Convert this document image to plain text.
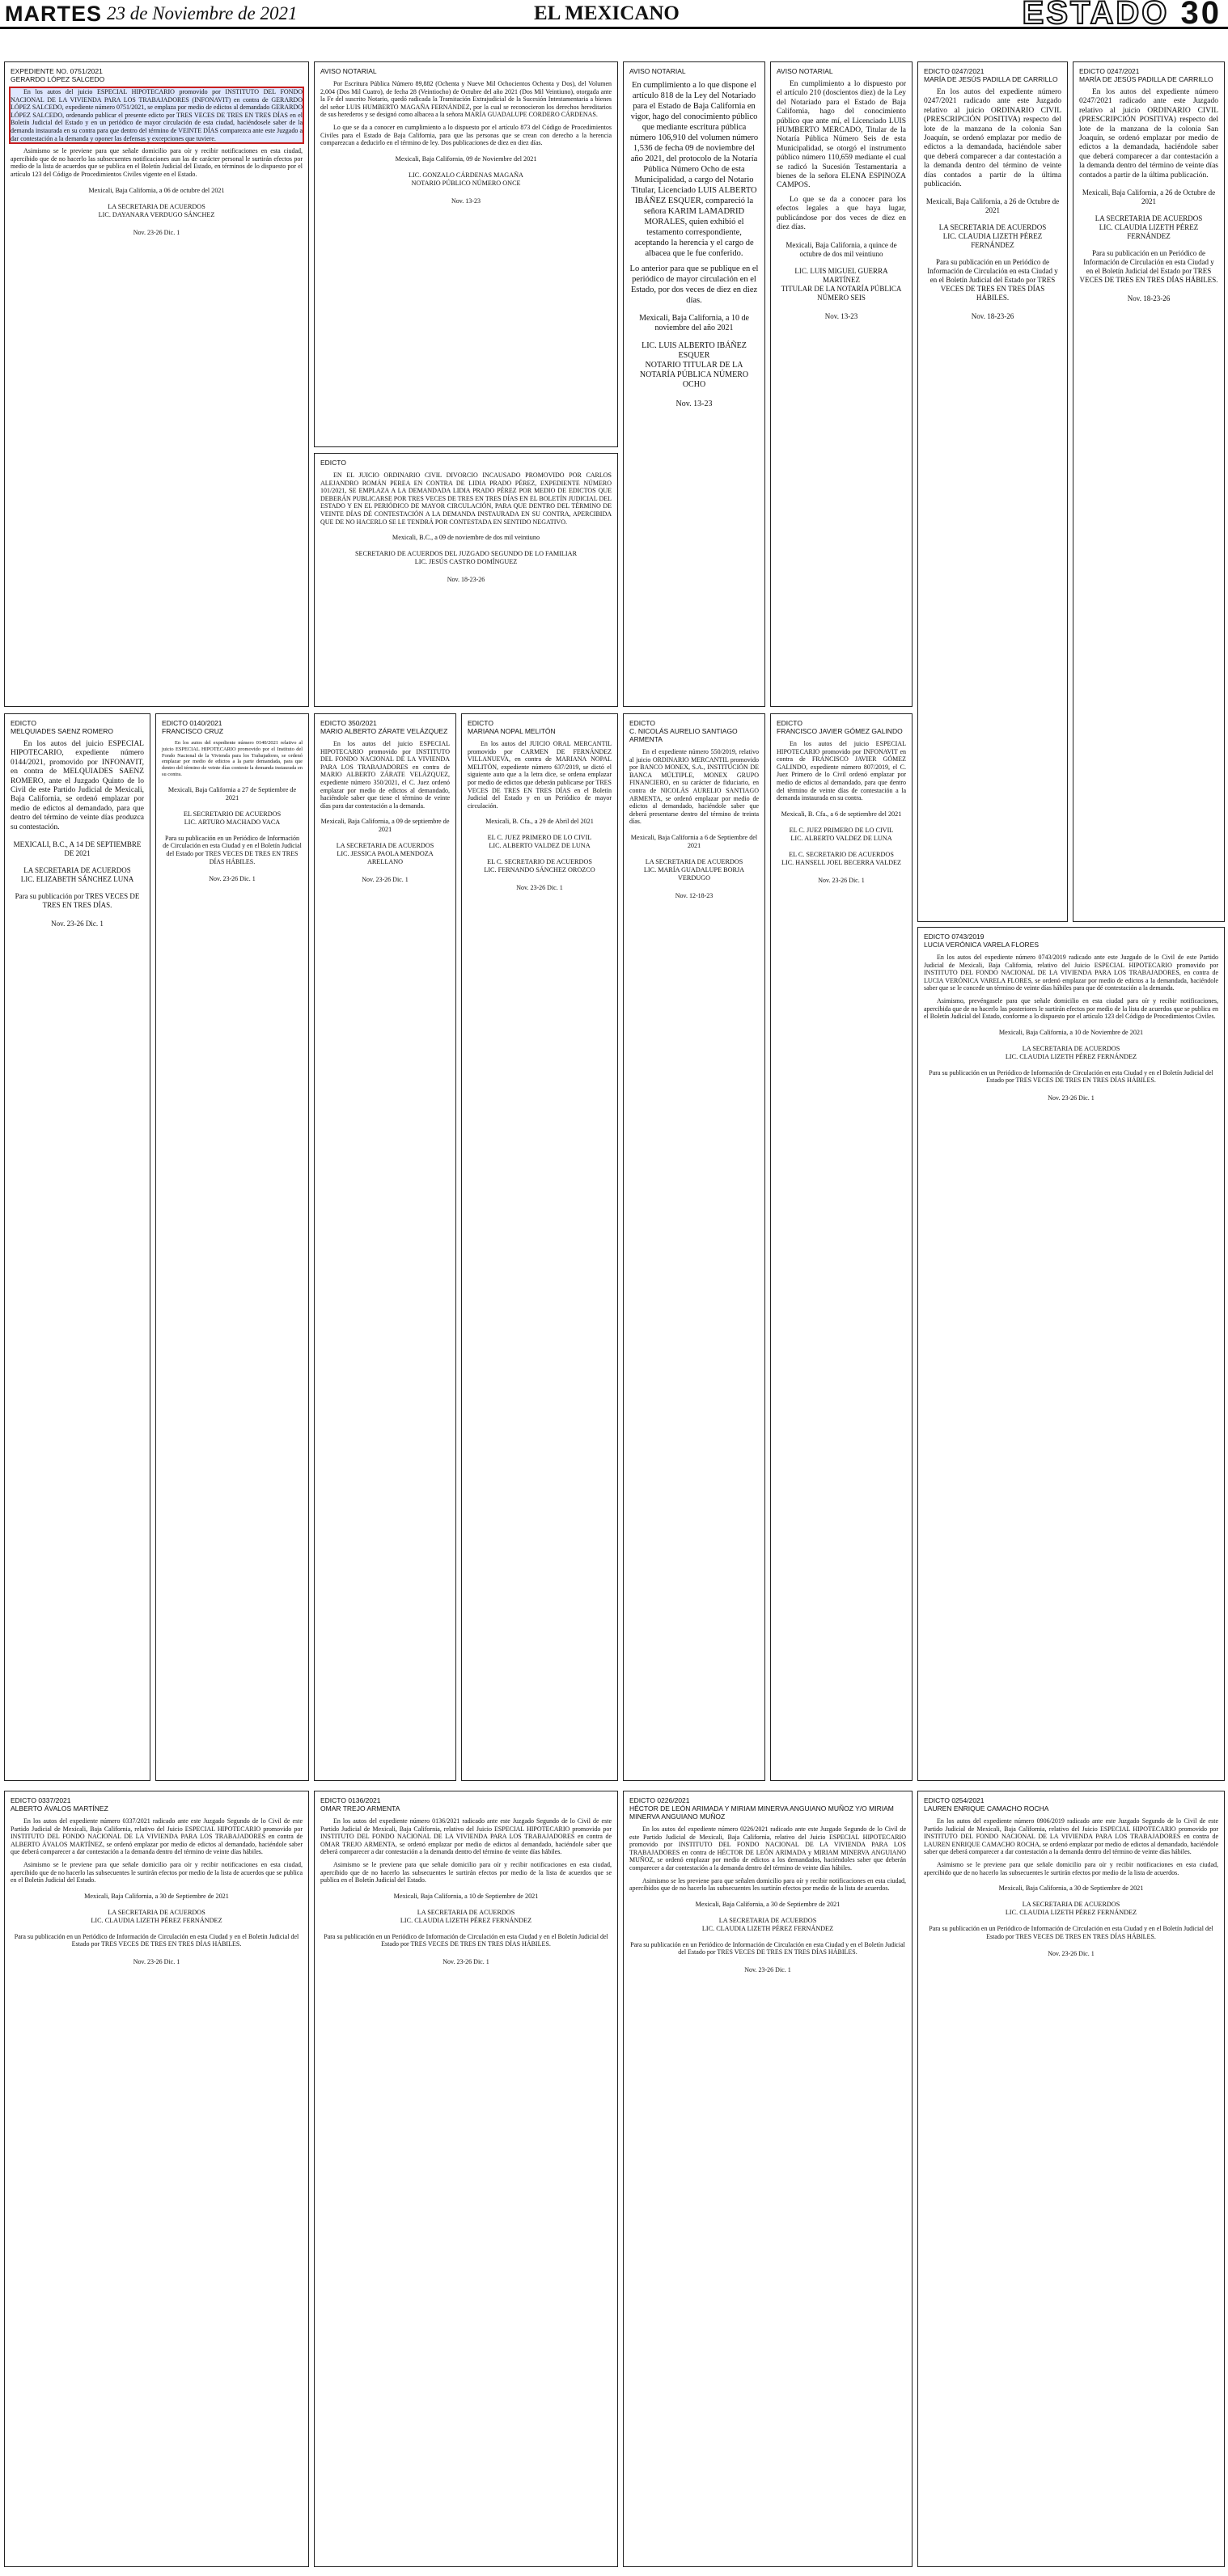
MARTES 23 de Noviembre de 2021	EL MEXICANO	ESTADO 30
EXPEDIENTE NO. 0751/2021
GERARDO LÓPEZ SALCEDO

En los autos del juicio ESPECIAL HIPOTECARIO promovido por INSTITUTO DEL FONDO NACIONAL DE LA VIVIENDA PARA LOS TRABAJADORES (INFONAVIT) en contra de GERARDO LÓPEZ SALCEDO, expediente número 0751/2021, se emplaza por medio de edictos al demandado GERARDO LÓPEZ SALCEDO, ordenando publicar el presente edicto por TRES VECES DE TRES EN TRES DÍAS en el Boletín Judicial del Estado y en un periódico de mayor circulación de esta ciudad, haciéndosele saber de la demanda instaurada en su contra para que dentro del término de VEINTE DÍAS comparezca ante este Juzgado a dar contestación a la demanda y oponer las defensas y excepciones que tuviere.

Asimismo se le previene para que señale domicilio para oír y recibir notificaciones en esta ciudad, apercibido que de no hacerlo las subsecuentes notificaciones aun las de carácter personal le surtirán efectos por medio de la lista de acuerdos que se publica en el Boletín Judicial del Estado, en términos de lo dispuesto por el artículo 123 del Código de Procedimientos Civiles vigente en el Estado.

Mexicali, Baja California, a 06 de octubre del 2021
LA SECRETARIA DE ACUERDOS
LIC. DAYANARA VERDUGO SÁNCHEZ
Nov. 23-26 Dic. 1
AVISO NOTARIAL

Por Escritura Pública Número 89,882 (Ochenta y Nueve Mil Ochocientos Ochenta y Dos), del Volumen 2,004 (Dos Mil Cuatro), de fecha 28 (Veintiocho) de Octubre del año 2021 (Dos Mil Veintiuno), otorgada ante la Fe del suscrito Notario, quedó radicada la Tramitación Extrajudicial de la Sucesión Intestamentaria a bienes del señor LUIS HUMBERTO MAGAÑA FERNÁNDEZ, por la cual se reconocieron los derechos hereditarios de sus herederos y se designó como albacea a la señora MARÍA GUADALUPE CORDERO CÁRDENAS.

Lo que se da a conocer en cumplimiento a lo dispuesto por el artículo 873 del Código de Procedimientos Civiles para el Estado de Baja California, para que las personas que se crean con derecho a la herencia comparezcan a deducirlo en el término de ley. Dos publicaciones de diez en diez días.

Mexicali, Baja California, 09 de Noviembre del 2021
LIC. GONZALO CÁRDENAS MAGAÑA
NOTARIO PÚBLICO NÚMERO ONCE
Nov. 13-23
EDICTO

EN EL JUICIO ORDINARIO CIVIL DIVORCIO INCAUSADO PROMOVIDO POR CARLOS ALEJANDRO ROMÁN PEREA EN CONTRA DE LIDIA PRADO PÉREZ, EXPEDIENTE NÚMERO 101/2021, SE EMPLAZA A LA DEMANDADA LIDIA PRADO PÉREZ POR MEDIO DE EDICTOS QUE DEBERÁN PUBLICARSE POR TRES VECES DE TRES EN TRES DÍAS EN EL BOLETÍN JUDICIAL DEL ESTADO Y EN EL PERIÓDICO DE MAYOR CIRCULACIÓN, PARA QUE DENTRO DEL TÉRMINO DE VEINTE DÍAS DÉ CONTESTACIÓN A LA DEMANDA INSTAURADA EN SU CONTRA, APERCIBIDA QUE DE NO HACERLO SE LE TENDRÁ POR CONTESTADA EN SENTIDO NEGATIVO.

Mexicali, B.C., a 09 de noviembre de dos mil veintiuno
SECRETARIO DE ACUERDOS DEL JUZGADO SEGUNDO DE LO FAMILIAR
LIC. JESÚS CASTRO DOMÍNGUEZ
Nov. 18-23-26
AVISO NOTARIAL

En cumplimiento a lo que dispone el artículo 818 de la Ley del Notariado para el Estado de Baja California en vigor, hago del conocimiento público que mediante escritura pública número 106,910 del volumen número 1,536 de fecha 09 de noviembre del año 2021, del protocolo de la Notaría Pública Número Ocho de esta Municipalidad, a cargo del Notario Titular, Licenciado LUIS ALBERTO IBÁÑEZ ESQUER, compareció la señora KARIM LAMADRID MORALES, quien exhibió el testamento correspondiente, aceptando la herencia y el cargo de albacea que le fue conferido.

Lo anterior para que se publique en el periódico de mayor circulación en el Estado, por dos veces de diez en diez días.

Mexicali, Baja California, a 10 de noviembre del año 2021
LIC. LUIS ALBERTO IBÁÑEZ ESQUER
NOTARIO TITULAR DE LA NOTARÍA PÚBLICA NÚMERO OCHO
Nov. 13-23
AVISO NOTARIAL

En cumplimiento a lo dispuesto por el artículo 210 (doscientos diez) de la Ley del Notariado para el Estado de Baja California, hago del conocimiento público que ante mí, el Licenciado LUIS HUMBERTO MERCADO, Titular de la Notaría Pública Número Seis de esta Municipalidad, se otorgó el instrumento público número 110,659 mediante el cual se radicó la Sucesión Testamentaria a bienes de la señora ELENA ESPINOZA CAMPOS.

Lo que se da a conocer para los efectos legales a que haya lugar, publicándose por dos veces de diez en diez días.

Mexicali, Baja California, a quince de octubre de dos mil veintiuno
LIC. LUIS MIGUEL GUERRA MARTÍNEZ
TITULAR DE LA NOTARÍA PÚBLICA NÚMERO SEIS
Nov. 13-23
EDICTO 0247/2021
MARÍA DE JESÚS PADILLA DE CARRILLO

En los autos del expediente número 0247/2021 radicado ante este Juzgado relativo al juicio ORDINARIO CIVIL (PRESCRIPCIÓN POSITIVA) respecto del lote de la manzana de la colonia San Joaquín, se ordenó emplazar por medio de edictos a la demandada, haciéndole saber que deberá comparecer a dar contestación a la demanda dentro del término de veinte días contados a partir de la última publicación.

Mexicali, Baja California, a 26 de Octubre de 2021
LA SECRETARIA DE ACUERDOS
LIC. CLAUDIA LIZETH PÉREZ FERNÁNDEZ
Para su publicación en un Periódico de Información de Circulación en esta Ciudad y en el Boletín Judicial del Estado por TRES VECES DE TRES EN TRES DÍAS HÁBILES.
Nov. 18-23-26
EDICTO 0247/2021
MARÍA DE JESÚS PADILLA DE CARRILLO

En los autos del expediente número 0247/2021 radicado ante este Juzgado relativo al juicio ORDINARIO CIVIL (PRESCRIPCIÓN POSITIVA) respecto del lote de la manzana de la colonia San Joaquín, se ordenó emplazar por medio de edictos a la demandada, haciéndole saber que deberá comparecer a dar contestación a la demanda dentro del término de veinte días contados a partir de la última publicación.

Mexicali, Baja California, a 26 de Octubre de 2021
LA SECRETARIA DE ACUERDOS
LIC. CLAUDIA LIZETH PÉREZ FERNÁNDEZ
Para su publicación en un Periódico de Información de Circulación en esta Ciudad y en el Boletín Judicial del Estado por TRES VECES DE TRES EN TRES DÍAS HÁBILES.
Nov. 18-23-26
EDICTO
MELQUIADES SAENZ ROMERO

En los autos del juicio ESPECIAL HIPOTECARIO, expediente número 0144/2021, promovido por INFONAVIT, en contra de MELQUIADES SAENZ ROMERO, ante el Juzgado Quinto de lo Civil de este Partido Judicial de Mexicali, Baja California, se ordenó emplazar por medio de edictos al demandado, para que dentro del término de veinte días produzca su contestación.

MEXICALI, B.C., A 14 DE SEPTIEMBRE DE 2021
LA SECRETARIA DE ACUERDOS
LIC. ELIZABETH SÁNCHEZ LUNA
Para su publicación por TRES VECES DE TRES EN TRES DÍAS.
Nov. 23-26 Dic. 1
EDICTO 0140/2021
FRANCISCO CRUZ

En los autos del expediente número 0140/2021 relativo al juicio ESPECIAL HIPOTECARIO promovido por el Instituto del Fondo Nacional de la Vivienda para los Trabajadores, se ordenó emplazar por medio de edictos a la parte demandada, para que dentro del término de veinte días conteste la demanda instaurada en su contra.

Mexicali, Baja California a 27 de Septiembre de 2021
EL SECRETARIO DE ACUERDOS
LIC. ARTURO MACHADO VACA
Para su publicación en un Periódico de Información de Circulación en esta Ciudad y en el Boletín Judicial del Estado por TRES VECES DE TRES EN TRES DÍAS HÁBILES.
Nov. 23-26 Dic. 1
EDICTO 350/2021
MARIO ALBERTO ZÁRATE VELÁZQUEZ

En los autos del juicio ESPECIAL HIPOTECARIO promovido por INSTITUTO DEL FONDO NACIONAL DE LA VIVIENDA PARA LOS TRABAJADORES en contra de MARIO ALBERTO ZÁRATE VELÁZQUEZ, expediente número 350/2021, el C. Juez ordenó emplazar por medio de edictos al demandado, haciéndole saber que tiene el término de veinte días para dar contestación a la demanda.

Mexicali, Baja California, a 09 de septiembre de 2021
LA SECRETARIA DE ACUERDOS
LIC. JESSICA PAOLA MENDOZA ARELLANO
Nov. 23-26 Dic. 1
EDICTO
MARIANA NOPAL MELITÓN

En los autos del JUICIO ORAL MERCANTIL promovido por CARMEN DE FERNÁNDEZ VILLANUEVA, en contra de MARIANA NOPAL MELITÓN, expediente número 637/2019, se dictó el siguiente auto que a la letra dice, se ordena emplazar por medio de edictos que deberán publicarse por TRES VECES DE TRES EN TRES DÍAS en el Boletín Judicial del Estado y en un Periódico de mayor circulación.

Mexicali, B. Cfa., a 29 de Abril del 2021
EL C. JUEZ PRIMERO DE LO CIVIL
LIC. ALBERTO VALDEZ DE LUNA

EL C. SECRETARIO DE ACUERDOS
LIC. FERNANDO SÁNCHEZ OROZCO
Nov. 23-26 Dic. 1
EDICTO
C. NICOLÁS AURELIO SANTIAGO ARMENTA

En el expediente número 550/2019, relativo al juicio ORDINARIO MERCANTIL promovido por BANCO MONEX, S.A., INSTITUCIÓN DE BANCA MÚLTIPLE, MONEX GRUPO FINANCIERO, en su carácter de fiduciario, en contra de NICOLÁS AURELIO SANTIAGO ARMENTA, se ordenó emplazar por medio de edictos al demandado, haciéndole saber que deberá presentarse dentro del término de treinta días.

Mexicali, Baja California a 6 de Septiembre del 2021
LA SECRETARIA DE ACUERDOS
LIC. MARÍA GUADALUPE BORJA VERDUGO
Nov. 12-18-23
EDICTO
FRANCISCO JAVIER GÓMEZ GALINDO

En los autos del juicio ESPECIAL HIPOTECARIO promovido por INFONAVIT en contra de FRANCISCO JAVIER GÓMEZ GALINDO, expediente número 807/2019, el C. Juez Primero de lo Civil ordenó emplazar por medio de edictos al demandado, para que dentro del término de veinte días de contestación a la demanda instaurada en su contra.

Mexicali, B. Cfa., a 6 de septiembre del 2021
EL C. JUEZ PRIMERO DE LO CIVIL
LIC. ALBERTO VALDEZ DE LUNA

EL C. SECRETARIO DE ACUERDOS
LIC. HANSELL JOEL BECERRA VALDEZ
Nov. 23-26 Dic. 1
EDICTO 0743/2019
LUCIA VERÓNICA VARELA FLORES

En los autos del expediente número 0743/2019 radicado ante este Juzgado de lo Civil de este Partido Judicial de Mexicali, Baja California, relativo del Juicio ESPECIAL HIPOTECARIO promovido por INSTITUTO DEL FONDO NACIONAL DE LA VIVIENDA PARA LOS TRABAJADORES, en contra de LUCIA VERÓNICA VARELA FLORES, se ordenó emplazar por medio de edictos a la demandada, haciéndole saber que se le concede un término de veinte días hábiles para que dé contestación a la demanda.

Asimismo, prevéngasele para que señale domicilio en esta ciudad para oír y recibir notificaciones, apercibida que de no hacerlo las posteriores le surtirán efectos por medio de la lista de acuerdos que se publica en el Boletín Judicial del Estado, conforme a lo dispuesto por el artículo 123 del Código de Procedimientos Civiles.

Mexicali, Baja California, a 10 de Noviembre de 2021
LA SECRETARIA DE ACUERDOS
LIC. CLAUDIA LIZETH PÉREZ FERNÁNDEZ
Para su publicación en un Periódico de Información de Circulación en esta Ciudad y en el Boletín Judicial del Estado por TRES VECES DE TRES EN TRES DÍAS HÁBILES.
Nov. 23-26 Dic. 1
EDICTO 0337/2021
ALBERTO ÁVALOS MARTÍNEZ

En los autos del expediente número 0337/2021 radicado ante este Juzgado Segundo de lo Civil de este Partido Judicial de Mexicali, Baja California, relativo del Juicio ESPECIAL HIPOTECARIO promovido por INSTITUTO DEL FONDO NACIONAL DE LA VIVIENDA PARA LOS TRABAJADORES en contra de ALBERTO ÁVALOS MARTÍNEZ, se ordenó emplazar por medio de edictos al demandado, haciéndole saber que deberá comparecer a dar contestación a la demanda dentro del término de veinte días hábiles.

Asimismo se le previene para que señale domicilio para oír y recibir notificaciones en esta ciudad, apercibido que de no hacerlo las subsecuentes le surtirán efectos por medio de la lista de acuerdos que se publica en el Boletín Judicial del Estado.

Mexicali, Baja California, a 30 de Septiembre de 2021
LA SECRETARIA DE ACUERDOS
LIC. CLAUDIA LIZETH PÉREZ FERNÁNDEZ
Para su publicación en un Periódico de Información de Circulación en esta Ciudad y en el Boletín Judicial del Estado por TRES VECES DE TRES EN TRES DÍAS HÁBILES.
Nov. 23-26 Dic. 1
EDICTO 0136/2021
OMAR TREJO ARMENTA

En los autos del expediente número 0136/2021 radicado ante este Juzgado Segundo de lo Civil de este Partido Judicial de Mexicali, Baja California, relativo del Juicio ESPECIAL HIPOTECARIO promovido por INSTITUTO DEL FONDO NACIONAL DE LA VIVIENDA PARA LOS TRABAJADORES en contra de OMAR TREJO ARMENTA, se ordenó emplazar por medio de edictos al demandado, haciéndole saber que deberá comparecer a dar contestación a la demanda dentro del término de veinte días hábiles.

Asimismo se le previene para que señale domicilio para oír y recibir notificaciones en esta ciudad, apercibido que de no hacerlo las subsecuentes le surtirán efectos por medio de la lista de acuerdos que se publica en el Boletín Judicial del Estado.

Mexicali, Baja California, a 10 de Septiembre de 2021
LA SECRETARIA DE ACUERDOS
LIC. CLAUDIA LIZETH PÉREZ FERNÁNDEZ
Para su publicación en un Periódico de Información de Circulación en esta Ciudad y en el Boletín Judicial del Estado por TRES VECES DE TRES EN TRES DÍAS HÁBILES.
Nov. 23-26 Dic. 1
EDICTO 0226/2021
HÉCTOR DE LEÓN ARIMADA Y MIRIAM MINERVA ANGUIANO MUÑOZ Y/O MIRIAM MINERVA ANGUIANO MUÑOZ

En los autos del expediente número 0226/2021 radicado ante este Juzgado Segundo de lo Civil de este Partido Judicial de Mexicali, Baja California, relativo del Juicio ESPECIAL HIPOTECARIO promovido por INSTITUTO DEL FONDO NACIONAL DE LA VIVIENDA PARA LOS TRABAJADORES en contra de HÉCTOR DE LEÓN ARIMADA y MIRIAM MINERVA ANGUIANO MUÑOZ, se ordenó emplazar por medio de edictos a los demandados, haciéndoles saber que deberán comparecer a dar contestación a la demanda dentro del término de veinte días hábiles.

Asimismo se les previene para que señalen domicilio para oír y recibir notificaciones en esta ciudad, apercibidos que de no hacerlo las subsecuentes les surtirán efectos por medio de la lista de acuerdos.

Mexicali, Baja California, a 30 de Septiembre de 2021
LA SECRETARIA DE ACUERDOS
LIC. CLAUDIA LIZETH PÉREZ FERNÁNDEZ
Para su publicación en un Periódico de Información de Circulación en esta Ciudad y en el Boletín Judicial del Estado por TRES VECES DE TRES EN TRES DÍAS HÁBILES.
Nov. 23-26 Dic. 1
EDICTO 0254/2021
LAUREN ENRIQUE CAMACHO ROCHA

En los autos del expediente número 0906/2019 radicado ante este Juzgado Segundo de lo Civil de este Partido Judicial de Mexicali, Baja California, relativo del Juicio ESPECIAL HIPOTECARIO promovido por INSTITUTO DEL FONDO NACIONAL DE LA VIVIENDA PARA LOS TRABAJADORES en contra de LAUREN ENRIQUE CAMACHO ROCHA, se ordenó emplazar por medio de edictos al demandado, haciéndole saber que deberá comparecer a dar contestación a la demanda dentro del término de veinte días hábiles.

Asimismo se le previene para que señale domicilio para oír y recibir notificaciones en esta ciudad, apercibido que de no hacerlo las subsecuentes le surtirán efectos por medio de la lista de acuerdos.

Mexicali, Baja California, a 30 de Septiembre de 2021
LA SECRETARIA DE ACUERDOS
LIC. CLAUDIA LIZETH PÉREZ FERNÁNDEZ
Para su publicación en un Periódico de Información de Circulación en esta Ciudad y en el Boletín Judicial del Estado por TRES VECES DE TRES EN TRES DÍAS HÁBILES.
Nov. 23-26 Dic. 1
